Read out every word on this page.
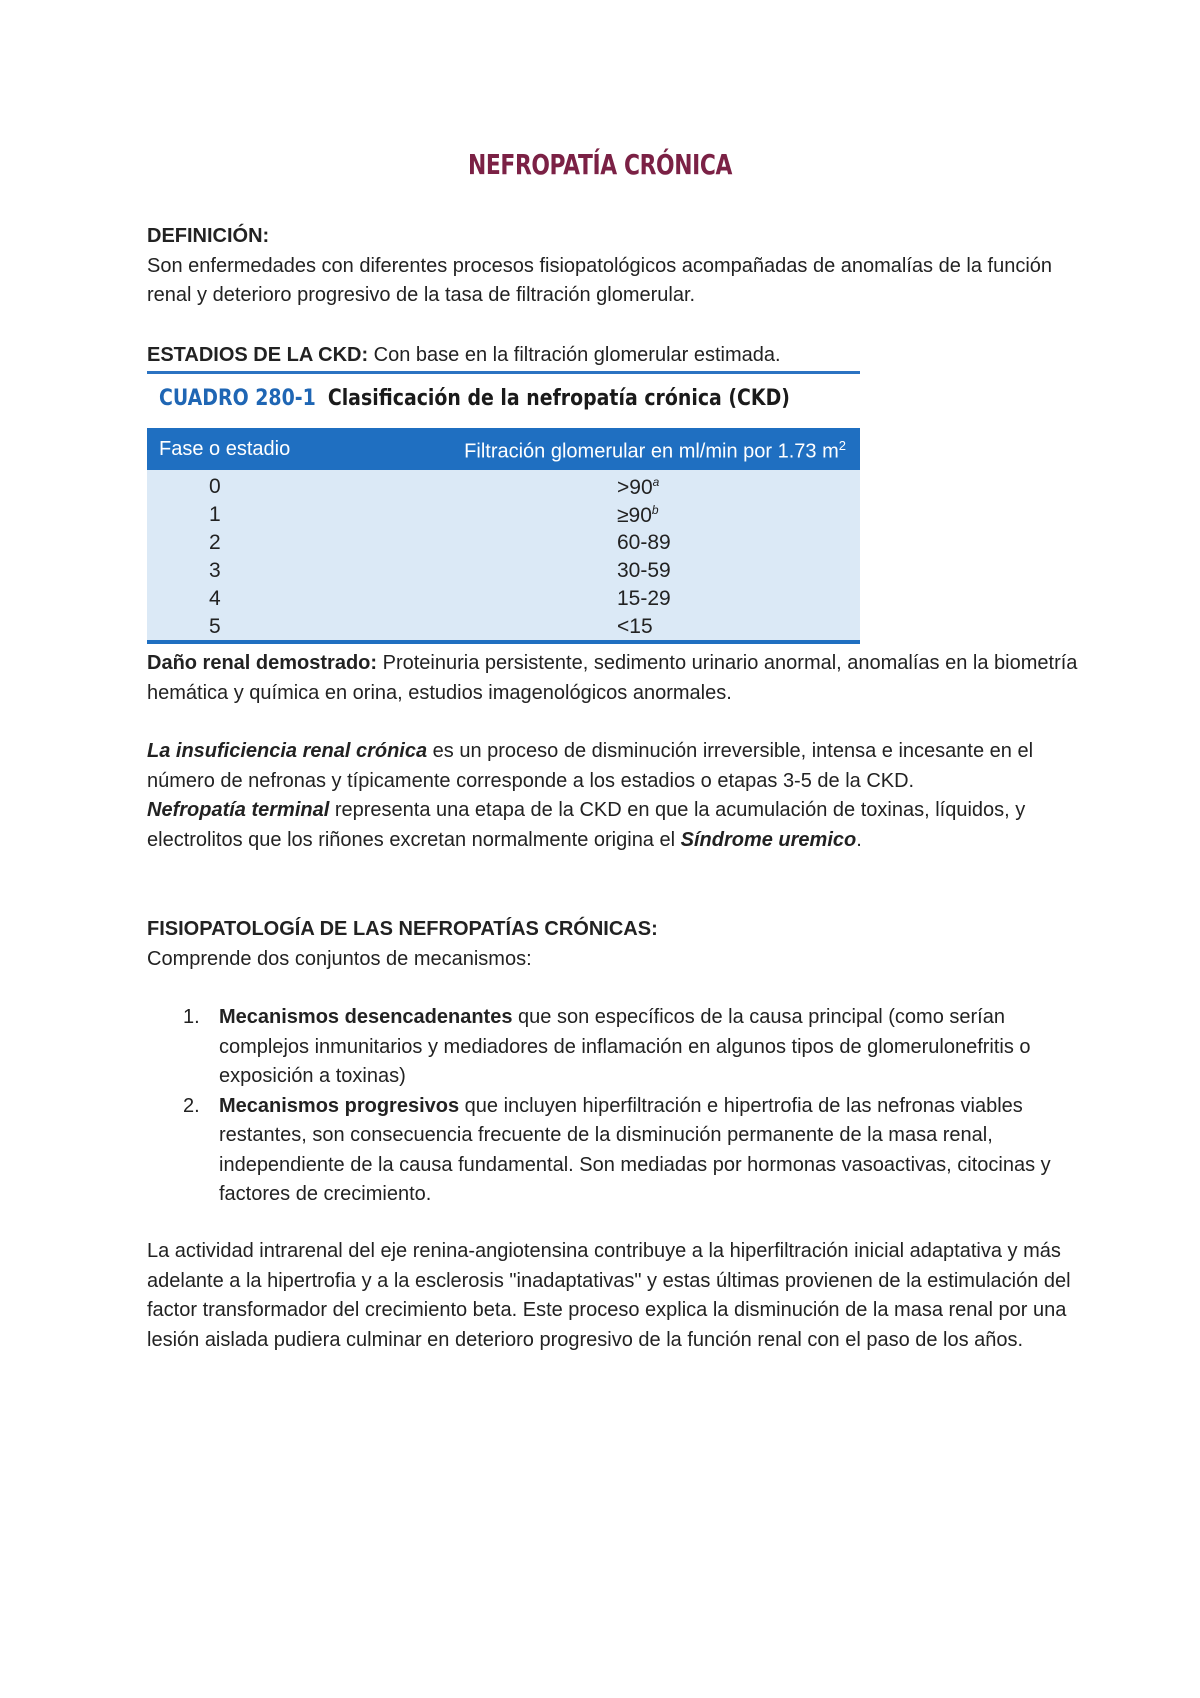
NEFROPATÍA CRÓNICA
DEFINICIÓN:
Son enfermedades con diferentes procesos fisiopatológicos acompañadas de anomalías de la función renal y deterioro progresivo de la tasa de filtración glomerular.
ESTADIOS DE LA CKD: Con base en la filtración glomerular estimada.
CUADRO 280-1 Clasificación de la nefropatía crónica (CKD)
Fase o estadio	Filtración glomerular en ml/min por 1.73 $m^2$
0	$>90^a$
1	$\ge 90^b$
2	60-89
3	30-59
4	15-29
5	<15
Daño renal demostrado: Proteinuria persistente, sedimento urinario anormal, anomalías en la biometría hemática y química en orina, estudios imagenológicos anormales.
La insuficiencia renal crónica es un proceso de disminución irreversible, intensa e incesante en el número de nefronas y típicamente corresponde a los estadios o etapas 3-5 de la CKD.
Nefropatía terminal representa una etapa de la CKD en que la acumulación de toxinas, líquidos, y electrolitos que los riñones excretan normalmente origina el Síndrome uremico.
FISIOPATOLOGÍA DE LAS NEFROPATÍAS CRÓNICAS:
Comprende dos conjuntos de mecanismos:
1. Mecanismos desencadenantes que son específicos de la causa principal (como serían complejos inmunitarios y mediadores de inflamación en algunos tipos de glomerulonefritis o exposición a toxinas)
2. Mecanismos progresivos que incluyen hiperfiltración e hipertrofia de las nefronas viables restantes, son consecuencia frecuente de la disminución permanente de la masa renal, independiente de la causa fundamental. Son mediadas por hormonas vasoactivas, citocinas y factores de crecimiento.
La actividad intrarenal del eje renina-angiotensina contribuye a la hiperfiltración inicial adaptativa y más adelante a la hipertrofia y a la esclerosis "inadaptativas" y estas últimas provienen de la estimulación del factor transformador del crecimiento beta. Este proceso explica la disminución de la masa renal por una lesión aislada pudiera culminar en deterioro progresivo de la función renal con el paso de los años.
